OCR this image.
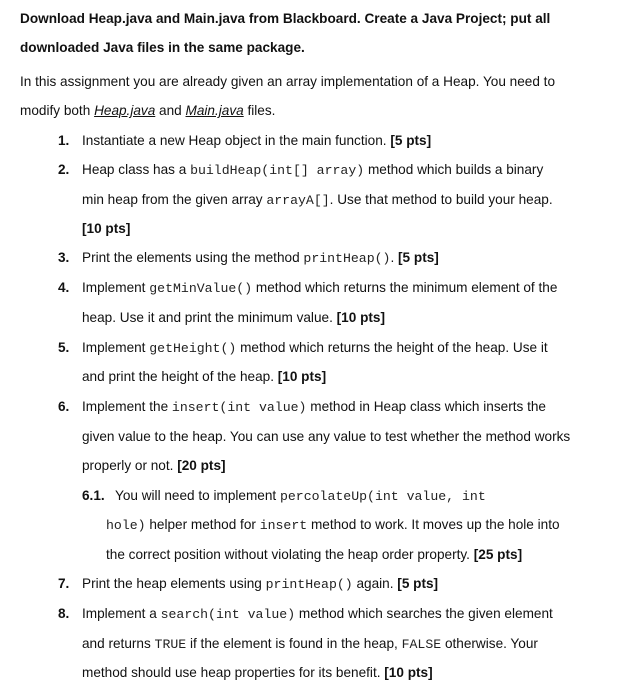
Download Heap.java and Main.java from Blackboard. Create a Java Project; put all
downloaded Java files in the same package.
In this assignment you are already given an array implementation of a Heap. You need to
modify both Heap.java and Main.java files.
1. Instantiate a new Heap object in the main function. [5 pts]
2. Heap class has a buildHeap(int[] array) method which builds a binary
min heap from the given array arrayA[]. Use that method to build your heap.
[10 pts]
3. Print the elements using the method printHeap(). [5 pts]
4. Implement getMinValue() method which returns the minimum element of the
heap. Use it and print the minimum value. [10 pts]
5. Implement getHeight() method which returns the height of the heap. Use it
and print the height of the heap. [10 pts]
6. Implement the insert(int value) method in Heap class which inserts the
given value to the heap. You can use any value to test whether the method works
properly or not. [20 pts]
6.1. You will need to implement percolateUp(int value, int
hole) helper method for insert method to work. It moves up the hole into
the correct position without violating the heap order property. [25 pts]
7. Print the heap elements using printHeap() again. [5 pts]
8. Implement a search(int value) method which searches the given element
and returns TRUE if the element is found in the heap, FALSE otherwise. Your
method should use heap properties for its benefit. [10 pts]
